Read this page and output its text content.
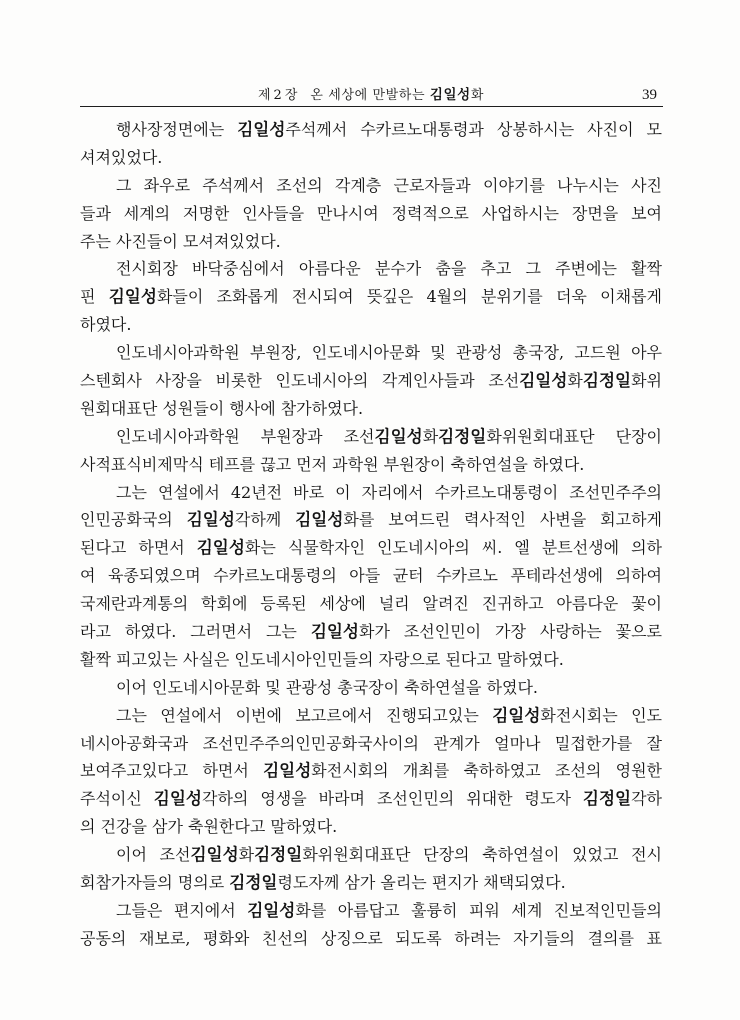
제2장 온 세상에 만발하는 김일성화	39
행사장정면에는 김일성주석께서 수카르노대통령과 상봉하시는 사진이 모
셔져있었다.
그 좌우로 주석께서 조선의 각계층 근로자들과 이야기를 나누시는 사진
들과 세계의 저명한 인사들을 만나시여 정력적으로 사업하시는 장면을 보여
주는 사진들이 모셔져있었다.
전시회장 바닥중심에서 아름다운 분수가 춤을 추고 그 주변에는 활짝
핀 김일성화들이 조화롭게 전시되여 뜻깊은 4월의 분위기를 더욱 이채롭게
하였다.
인도네시아과학원 부원장, 인도네시아문화 및 관광성 총국장, 고드원 아우
스텐회사 사장을 비롯한 인도네시아의 각계인사들과 조선김일성화김정일화위
원회대표단 성원들이 행사에 참가하였다.
인도네시아과학원 부원장과 조선김일성화김정일화위원회대표단 단장이
사적표식비제막식 테프를 끊고 먼저 과학원 부원장이 축하연설을 하였다.
그는 연설에서 42년전 바로 이 자리에서 수카르노대통령이 조선민주주의
인민공화국의 김일성각하께 김일성화를 보여드린 력사적인 사변을 회고하게
된다고 하면서 김일성화는 식물학자인 인도네시아의 씨. 엘 분트선생에 의하
여 육종되였으며 수카르노대통령의 아들 균터 수카르노 푸테라선생에 의하여
국제란과계통의 학회에 등록된 세상에 널리 알려진 진귀하고 아름다운 꽃이
라고 하였다. 그러면서 그는 김일성화가 조선인민이 가장 사랑하는 꽃으로
활짝 피고있는 사실은 인도네시아인민들의 자랑으로 된다고 말하였다.
이어 인도네시아문화 및 관광성 총국장이 축하연설을 하였다.
그는 연설에서 이번에 보고르에서 진행되고있는 김일성화전시회는 인도
네시아공화국과 조선민주주의인민공화국사이의 관계가 얼마나 밀접한가를 잘
보여주고있다고 하면서 김일성화전시회의 개최를 축하하였고 조선의 영원한
주석이신 김일성각하의 영생을 바라며 조선인민의 위대한 령도자 김정일각하
의 건강을 삼가 축원한다고 말하였다.
이어 조선김일성화김정일화위원회대표단 단장의 축하연설이 있었고 전시
회참가자들의 명의로 김정일령도자께 삼가 올리는 편지가 채택되였다.
그들은 편지에서 김일성화를 아름답고 훌륭히 피워 세계 진보적인민들의
공동의 재보로, 평화와 친선의 상징으로 되도록 하려는 자기들의 결의를 표
